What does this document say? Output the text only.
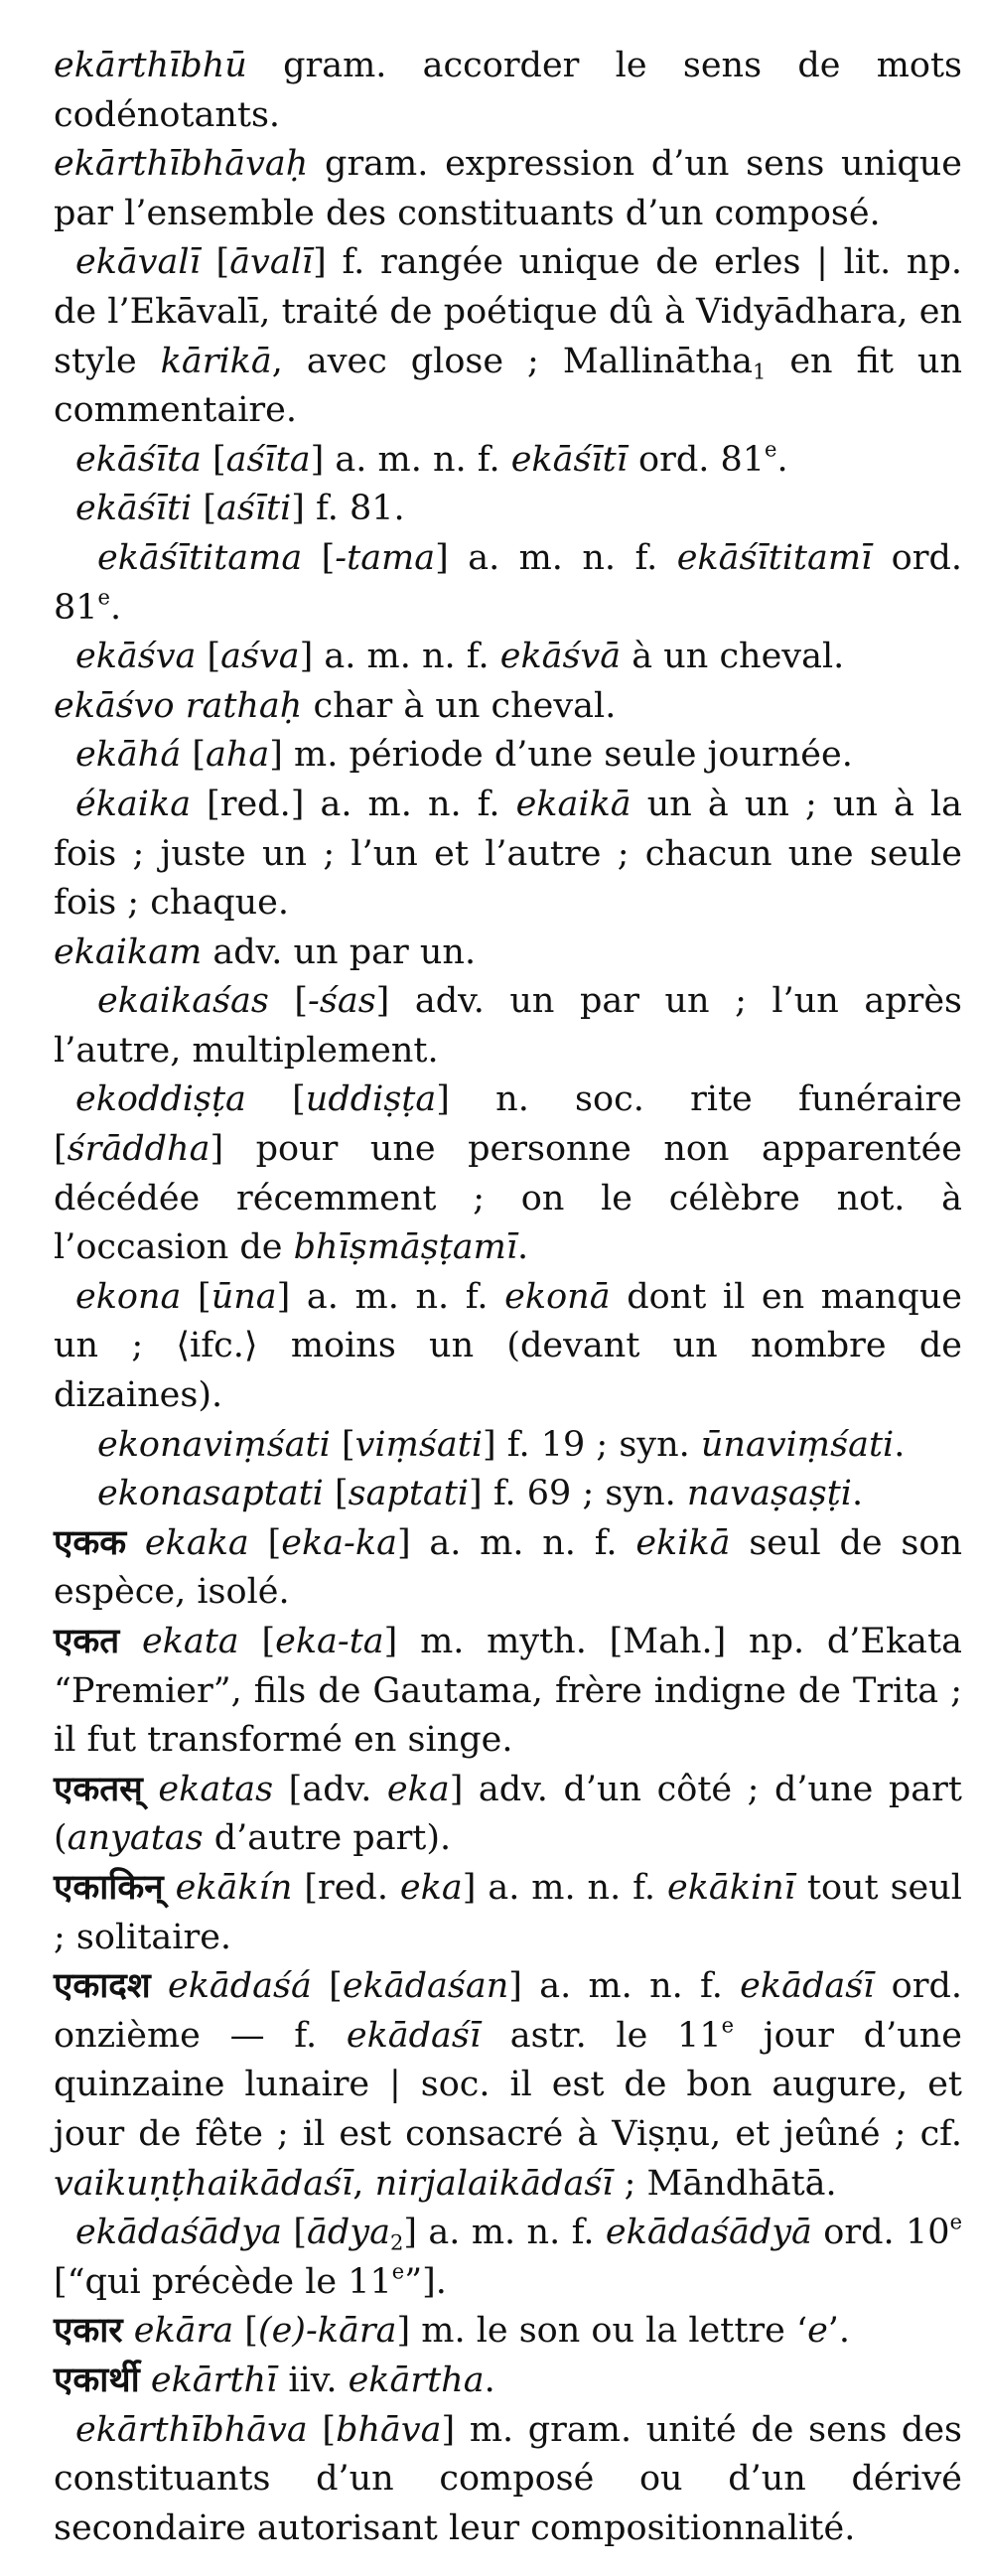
ekārthībhū gram. accorder le sens de mots codénotants.

ekārthībhāvaḥ gram. expression d’un sens unique par l’ensemble des constituants d’un composé.

ekāvalī [āvalī] f. rangée unique de erles | lit. np. de l’Ekāvalī, traité de poétique dû à Vidyādhara, en style kārikā, avec glose ; Mallinātha$_1$ en fit un commentaire.

ekāśīta [aśīta] a. m. n. f. ekāśītī ord. 81e.

ekāśīti [aśīti] f. 81.

ekāśītitama [-tama] a. m. n. f. ekāśītitamī ord. 81e.

ekāśva [aśva] a. m. n. f. ekāśvā à un cheval.

ekāśvo rathaḥ char à un cheval.

ekāhá [aha] m. période d’une seule journée.

ékaika [red.] a. m. n. f. ekaikā un à un ; un à la fois ; juste un ; l’un et l’autre ; chacun une seule fois ; chaque.

ekaikam adv. un par un.

ekaikaśas [-śas] adv. un par un ; l’un après l’autre, multiplement.

ekoddiṣṭa [uddiṣṭa] n. soc. rite funéraire [śrāddha] pour une personne non apparentée décédée récemment ; on le célèbre not. à l’occasion de bhīṣmāṣṭamī.

ekona [ūna] a. m. n. f. ekonā dont il en manque un ; ⟨ifc.⟩ moins un (devant un nombre de dizaines).

ekonaviṃśati [viṃśati] f. 19 ; syn. ūnaviṃśati.

ekonasaptati [saptati] f. 69 ; syn. navaṣaṣṭi.

एकक ekaka [eka-ka] a. m. n. f. ekikā seul de son espèce, isolé.

एकत ekata [eka-ta] m. myth. [Mah.] np. d’Ekata “Premier”, fils de Gautama, frère indigne de Trita ; il fut transformé en singe.

एकतस् ekatas [adv. eka] adv. d’un côté ; d’une part (anyatas d’autre part).

एकाकिन् ekākín [red. eka] a. m. n. f. ekākinī tout seul ; solitaire.

एकादश ekādaśá [ekādaśan] a. m. n. f. ekādaśī ord. onzième — f. ekādaśī astr. le 11e jour d’une quinzaine lunaire | soc. il est de bon augure, et jour de fête ; il est consacré à Viṣṇu, et jeûné ; cf. vaikuṇṭhaikādaśī, nirjalaikādaśī ; Māndhātā.

ekādaśādya [ādya$_2$] a. m. n. f. ekādaśādyā ord. 10e [“qui précède le 11e”].

एकार ekāra [(e)-kāra] m. le son ou la lettre ‘e’.

एकार्थी ekārthī iiv. ekārtha.

ekārthībhāva [bhāva] m. gram. unité de sens des constituants d’un composé ou d’un dérivé secondaire autorisant leur compositionnalité.
